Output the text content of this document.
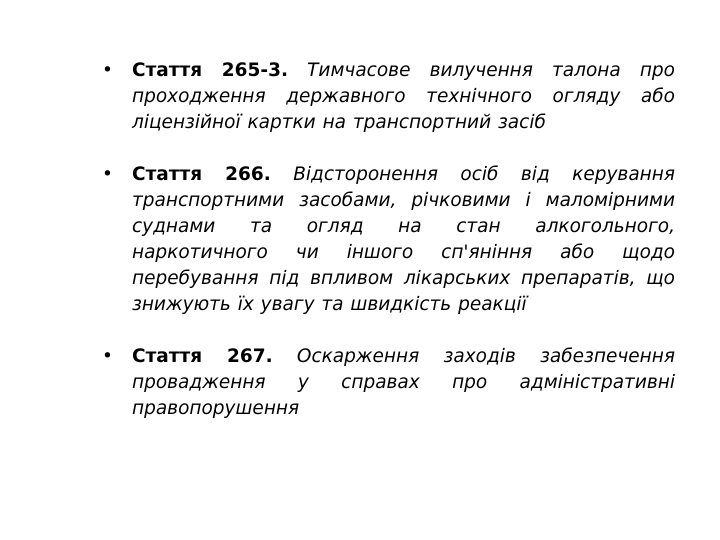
• Стаття 265-3. Тимчасове вилучення талона про проходження державного технічного огляду або ліцензійної картки на транспортний засіб
• Стаття 266. Відсторонення осіб від керування транспортними засобами, річковими і маломірними суднами та огляд на стан алкогольного, наркотичного чи іншого сп'яніння або щодо перебування під впливом лікарських препаратів, що знижують їх увагу та швидкість реакції
• Стаття 267. Оскарження заходів забезпечення провадження у справах про адміністративні правопорушення
